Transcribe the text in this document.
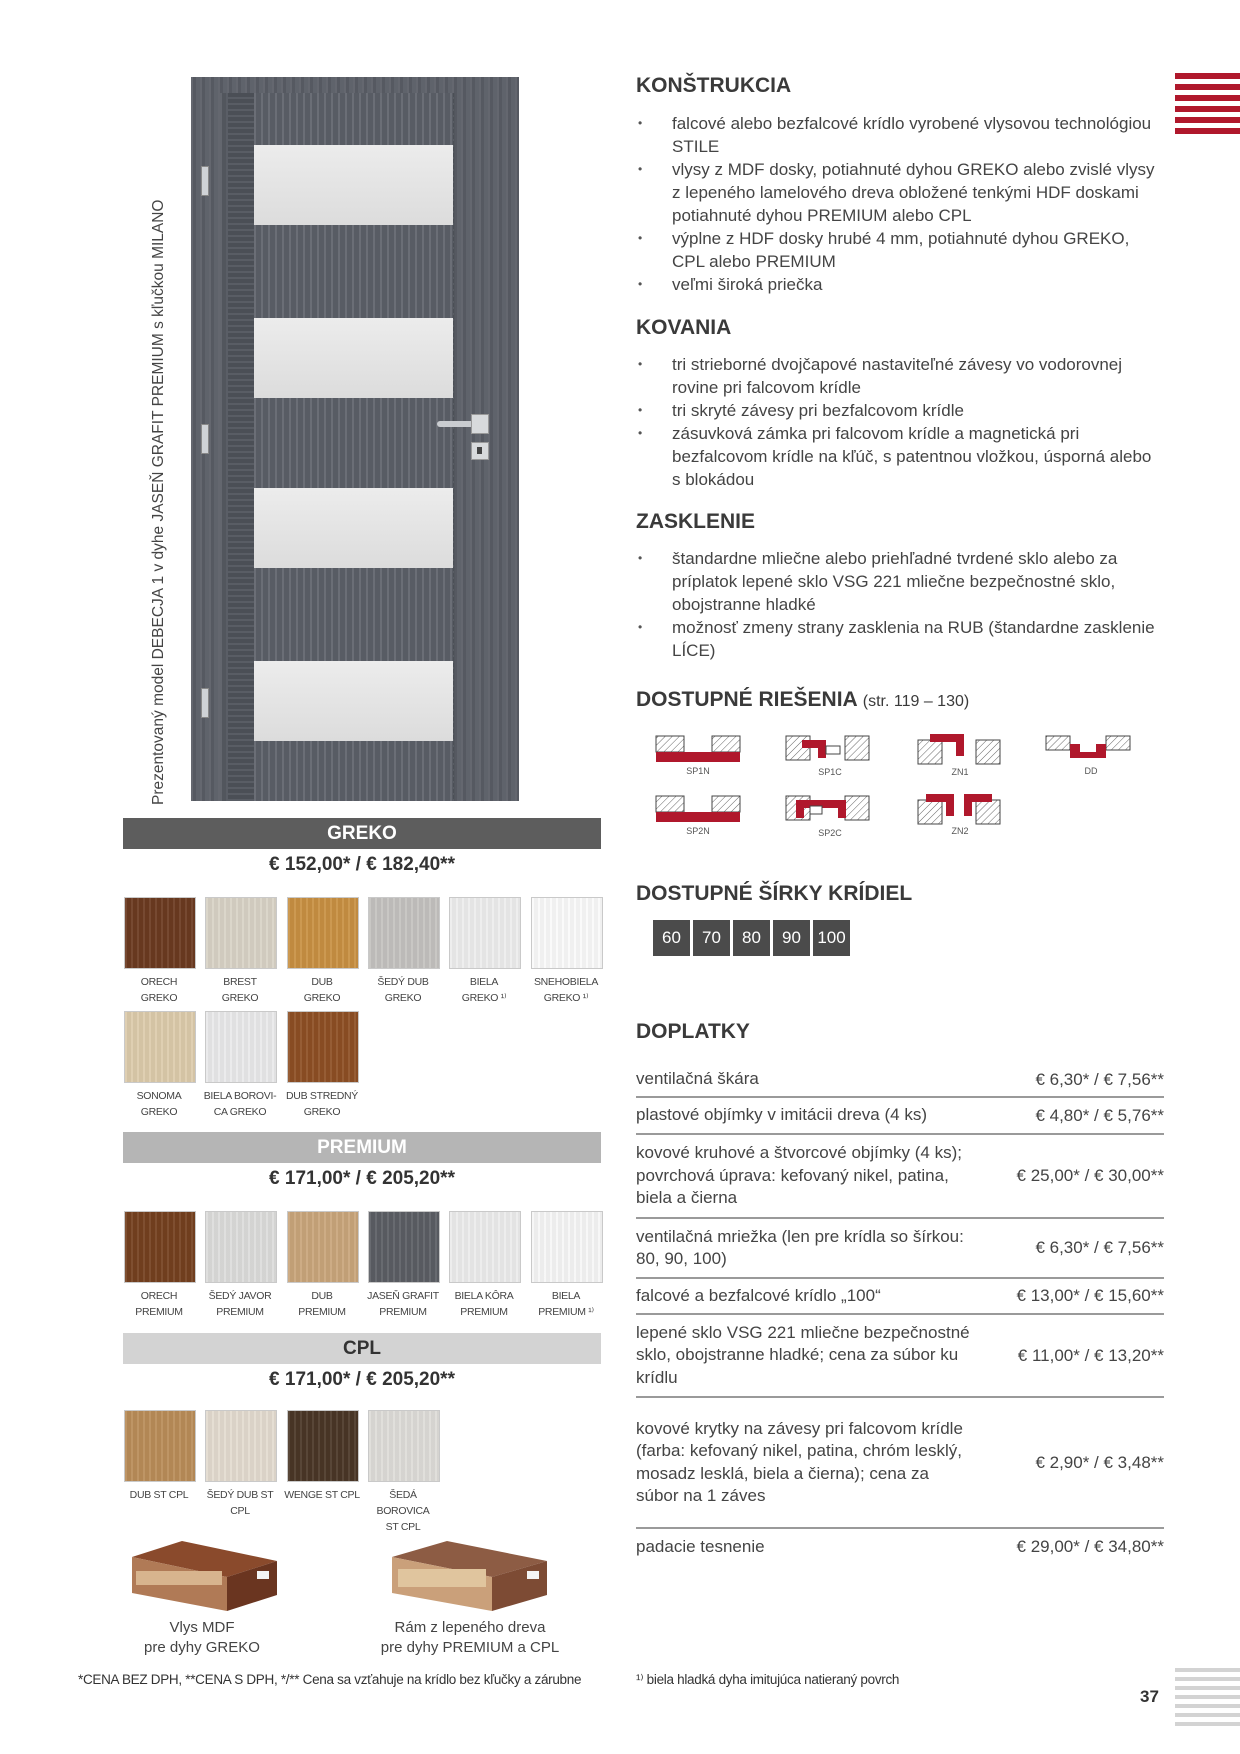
Prezentovaný model DEBECJA 1 v dyhe JASEŇ GRAFIT PREMIUM s kľučkou MILANO
GREKO
€ 152,00* / € 182,40**
ORECH
GREKO
BREST
GREKO
DUB
GREKO
ŠEDÝ DUB
GREKO
BIELA
GREKO ¹⁾
SNEHOBIELA
GREKO ¹⁾
SONOMA
GREKO
BIELA BOROVI-
CA GREKO
DUB STREDNÝ
GREKO
PREMIUM
€ 171,00* / € 205,20**
ORECH
PREMIUM
ŠEDÝ JAVOR
PREMIUM
DUB
PREMIUM
JASEŇ GRAFIT
PREMIUM
BIELA KÔRA
PREMIUM
BIELA
PREMIUM ¹⁾
CPL
€ 171,00* / € 205,20**
DUB ST CPL	ŠEDÝ DUB ST CPL
WENGE ST CPL	ŠEDÁ BOROVICA
ST CPL
Vlys MDF
pre dyhy GREKO
Rám z lepeného dreva
pre dyhy PREMIUM a CPL
*CENA BEZ DPH, **CENA S DPH, */** Cena sa vzťahuje na krídlo bez kľučky a zárubne	¹⁾ biela hladká dyha imitujúca natieraný povrch
KONŠTRUKCIA
• falcové alebo bezfalcové krídlo vyrobené vlysovou technológiou STILE
• vlysy z MDF dosky, potiahnuté dyhou GREKO alebo zvislé vlysy z lepeného lamelového dreva obložené tenkými HDF doskami potiahnuté dyhou PREMIUM alebo CPL
• výplne z HDF dosky hrubé 4 mm, potiahnuté dyhou GREKO, CPL alebo PREMIUM
• veľmi široká priečka
KOVANIA
• tri strieborné dvojčapové nastaviteľné závesy vo vodorovnej rovine pri falcovom krídle
• tri skryté závesy pri bezfalcovom krídle
• zásuvková zámka pri falcovom krídle a magnetická pri bezfalcovom krídle na kľúč, s patentnou vložkou, úsporná alebo s blokádou
ZASKLENIE
• štandardne mliečne alebo priehľadné tvrdené sklo alebo za príplatok lepené sklo VSG 221 mliečne bezpečnostné sklo, obojstranne hladké
• možnosť zmeny strany zasklenia na RUB (štandardne zasklenie LÍCE)
DOSTUPNÉ RIEŠENIA (str. 119 – 130)
SP1N	SP1C	ZN1	DD
SP2N	SP2C	ZN2
DOSTUPNÉ ŠÍRKY KRÍDIEL
60	70	80	90 100
DOPLATKY
ventilačná škára	€ 6,30* / € 7,56**
plastové objímky v imitácii dreva (4 ks)	€ 4,80* / € 5,76**
kovové kruhové a štvorcové objímky (4 ks); povrchová úprava: kefovaný nikel, patina, biela a čierna
€ 25,00* / € 30,00**
ventilačná mriežka (len pre krídla so šírkou: 80, 90, 100)
€ 6,30* / € 7,56**
falcové a bezfalcové krídlo „100“	€ 13,00* / € 15,60**
lepené sklo VSG 221 mliečne bezpečnostné sklo, obojstranne hladké; cena za súbor ku krídlu
€ 11,00* / € 13,20**
kovové krytky na závesy pri falcovom krídle (farba: kefovaný nikel, patina, chróm lesklý, mosadz lesklá, biela a čierna); cena za súbor na 1 záves
€ 2,90* / € 3,48**
padacie tesnenie	€ 29,00* / € 34,80**
37
